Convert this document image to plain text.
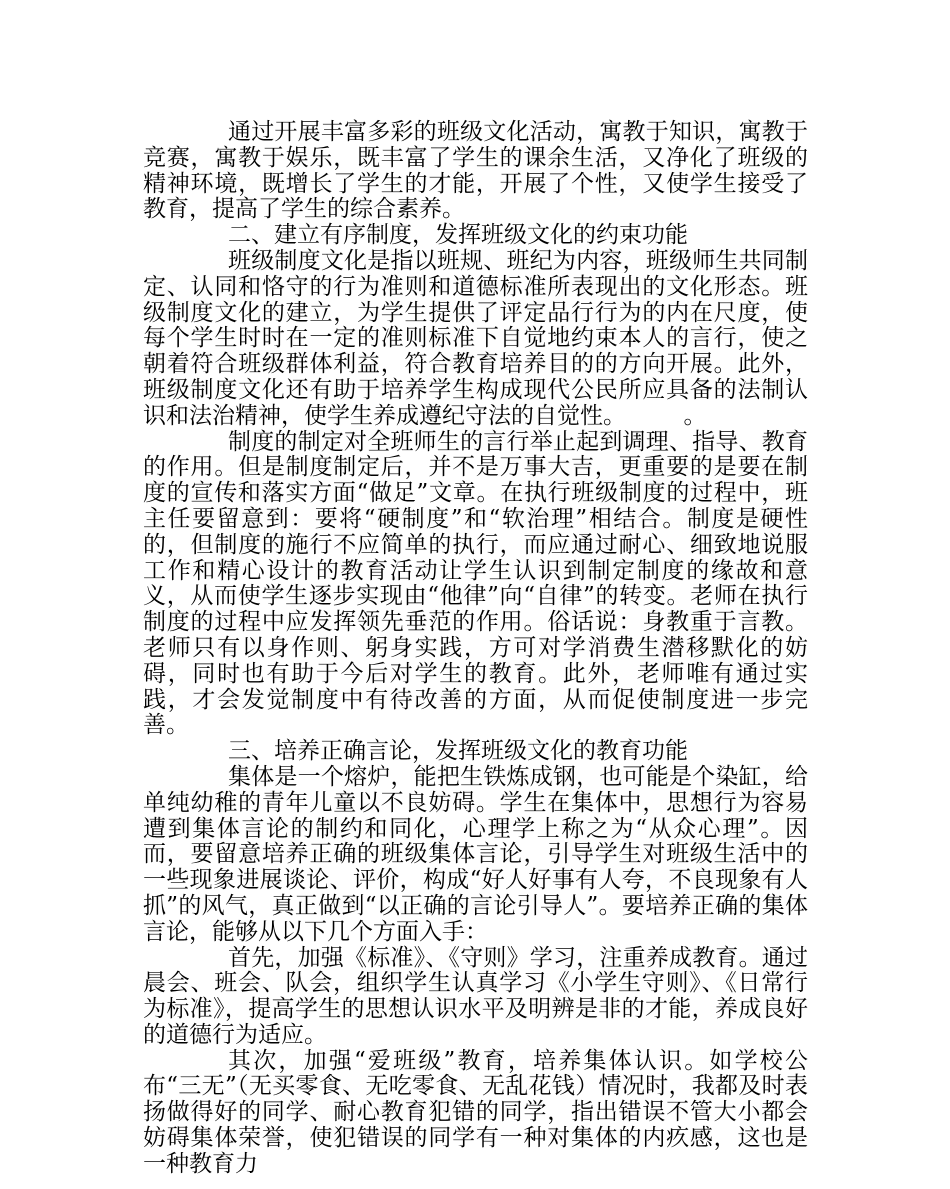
通过开展丰富多彩的班级文化活动，寓教于知识，寓教于竞赛，寓教于娱乐，既丰富了学生的课余生活，又净化了班级的精神环境，既增长了学生的才能，开展了个性，又使学生接受了教育，提高了学生的综合素养。

二、建立有序制度，发挥班级文化的约束功能

班级制度文化是指以班规、班纪为内容，班级师生共同制定、认同和恪守的行为准则和道德标准所表现出的文化形态。班级制度文化的建立，为学生提供了评定品行行为的内在尺度，使每个学生时时在一定的准则标准下自觉地约束本人的言行，使之朝着符合班级群体利益，符合教育培养目的的方向开展。此外，班级制度文化还有助于培养学生构成现代公民所应具备的法制认识和法治精神，使学生养成遵纪守法的自觉性。　　　。

制度的制定对全班师生的言行举止起到调理、指导、教育的作用。但是制度制定后，并不是万事大吉，更重要的是要在制度的宣传和落实方面“做足”文章。在执行班级制度的过程中，班主任要留意到：要将“硬制度”和“软治理”相结合。制度是硬性的，但制度的施行不应简单的执行，而应通过耐心、细致地说服工作和精心设计的教育活动让学生认识到制定制度的缘故和意义，从而使学生逐步实现由“他律”向“自律”的转变。老师在执行制度的过程中应发挥领先垂范的作用。俗话说：身教重于言教。老师只有以身作则、躬身实践，方可对学消费生潜移默化的妨碍，同时也有助于今后对学生的教育。此外，老师唯有通过实践，才会发觉制度中有待改善的方面，从而促使制度进一步完善。

三、培养正确言论，发挥班级文化的教育功能

集体是一个熔炉，能把生铁炼成钢，也可能是个染缸，给单纯幼稚的青年儿童以不良妨碍。学生在集体中，思想行为容易遭到集体言论的制约和同化，心理学上称之为“从众心理”。因而，要留意培养正确的班级集体言论，引导学生对班级生活中的一些现象进展谈论、评价，构成“好人好事有人夸，不良现象有人抓”的风气，真正做到“以正确的言论引导人”。要培养正确的集体言论，能够从以下几个方面入手：

首先，加强《标准》、《守则》学习，注重养成教育。通过晨会、班会、队会，组织学生认真学习《小学生守则》、《日常行为标准》，提高学生的思想认识水平及明辨是非的才能，养成良好的道德行为适应。

其次，加强“爱班级”教育，培养集体认识。如学校公布“三无”（无买零食、无吃零食、无乱花钱）情况时，我都及时表扬做得好的同学、耐心教育犯错的同学，指出错误不管大小都会妨碍集体荣誉，使犯错误的同学有一种对集体的内疚感，这也是一种教育力
